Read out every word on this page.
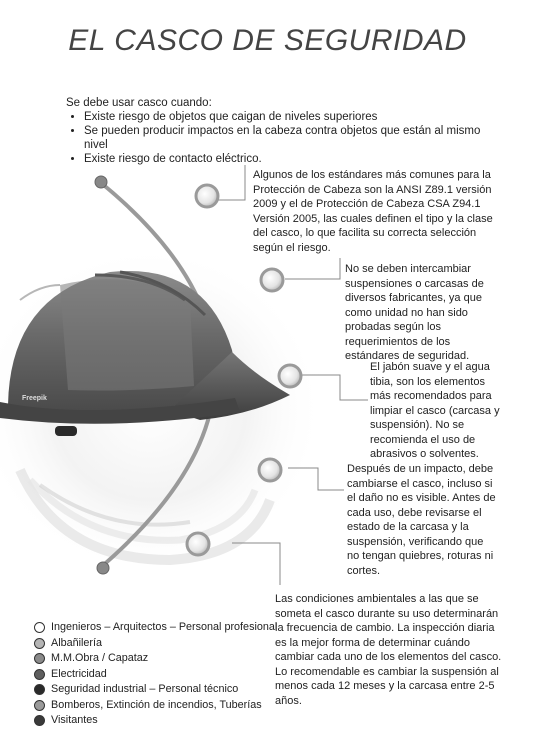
EL CASCO DE SEGURIDAD
Freepik
Se debe usar casco cuando:
• Existe riesgo de objetos que caigan de niveles superiores
• Se pueden producir impactos en la cabeza contra objetos que están al mismo nivel
• Existe riesgo de contacto eléctrico.
Algunos de los estándares más comunes para la Protección de Cabeza son la ANSI Z89.1 versión 2009 y el de Protección de Cabeza CSA Z94.1 Versión 2005, las cuales definen el tipo y la clase del casco, lo que facilita su correcta selección según el riesgo.
No se deben intercambiar suspensiones o carcasas de diversos fabricantes, ya que como unidad no han sido probadas según los requerimientos de los estándares de seguridad.
El jabón suave y el agua tibia, son los elementos más recomendados para limpiar el casco (carcasa y suspensión). No se recomienda el uso de abrasivos o solventes.
Después de un impacto, debe cambiarse el casco, incluso si el daño no es visible. Antes de cada uso, debe revisarse el estado de la carcasa y la suspensión, verificando que no tengan quiebres, roturas ni cortes.
Las condiciones ambientales a las que se someta el casco durante su uso determinarán la frecuencia de cambio. La inspección diaria es la mejor forma de determinar cuándo cambiar cada uno de los elementos del casco. Lo recomendable es cambiar la suspensión al menos cada 12 meses y la carcasa entre 2-5 años.
Ingenieros – Arquitectos – Personal profesional
Albañilería
M.M.Obra / Capataz
Electricidad
Seguridad industrial – Personal técnico
Bomberos, Extinción de incendios, Tuberías
Visitantes
